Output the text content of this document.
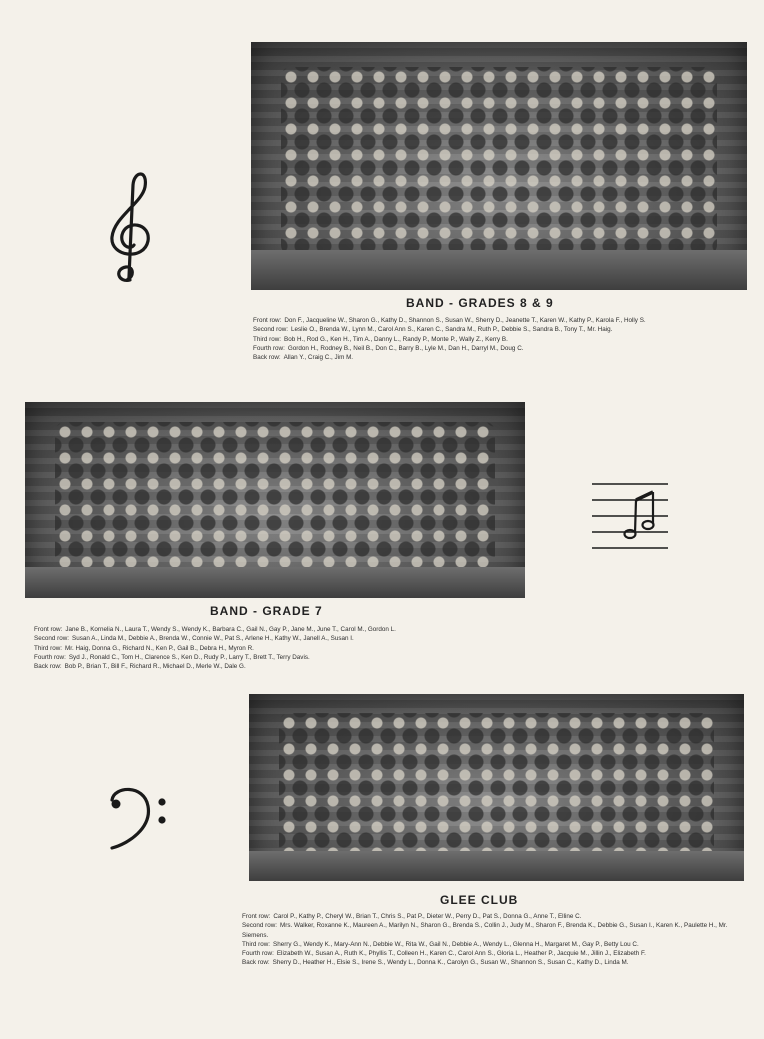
BAND - GRADES 8 & 9
Front row: Don F., Jacqueline W., Sharon G., Kathy D., Shannon S., Susan W., Sherry D., Jeanette T., Karen W., Kathy P., Karola F., Holly S.
Second row: Leslie O., Brenda W., Lynn M., Carol Ann S., Karen C., Sandra M., Ruth P., Debbie S., Sandra B., Tony T., Mr. Haig.
Third row: Bob H., Rod G., Ken H., Tim A., Danny L., Randy P., Monte P., Wally Z., Kerry B.
Fourth row: Gordon H., Rodney B., Neil B., Don C., Barry B., Lyle M., Dan H., Darryl M., Doug C.
Back row: Allan Y., Craig C., Jim M.
BAND - GRADE 7
Front row: Jane B., Kornelia N., Laura T., Wendy S., Wendy K., Barbara C., Gail N., Gay P., Jane M., June T., Carol M., Gordon L.
Second row: Susan A., Linda M., Debbie A., Brenda W., Connie W., Pat S., Arlene H., Kathy W., Janell A., Susan I.
Third row: Mr. Haig, Donna G., Richard N., Ken P., Gail B., Debra H., Myron R.
Fourth row: Syd J., Ronald C., Tom H., Clarence S., Ken D., Rudy P., Larry T., Brett T., Terry Davis.
Back row: Bob P., Brian T., Bill F., Richard R., Michael D., Merle W., Dale G.
GLEE CLUB
Front row: Carol P., Kathy P., Cheryl W., Brian T., Chris S., Pat P., Dieter W., Perry D., Pat S., Donna G., Anne T., Elline C.
Second row: Mrs. Walker, Roxanne K., Maureen A., Marilyn N., Sharon G., Brenda S., Collin J., Judy M., Sharon F., Brenda K., Debbie G., Susan I., Karen K., Paulette H., Mr. Siemens.
Third row: Sherry G., Wendy K., Mary-Ann N., Debbie W., Rita W., Gail N., Debbie A., Wendy L., Glenna H., Margaret M., Gay P., Betty Lou C.
Fourth row: Elizabeth W., Susan A., Ruth K., Phyllis T., Colleen H., Karen C., Carol Ann S., Gloria L., Heather P., Jacquie M., Jillin J., Elizabeth F.
Back row: Sherry D., Heather H., Elsie S., Irene S., Wendy L., Donna K., Carolyn G., Susan W., Shannon S., Susan C., Kathy D., Linda M.
